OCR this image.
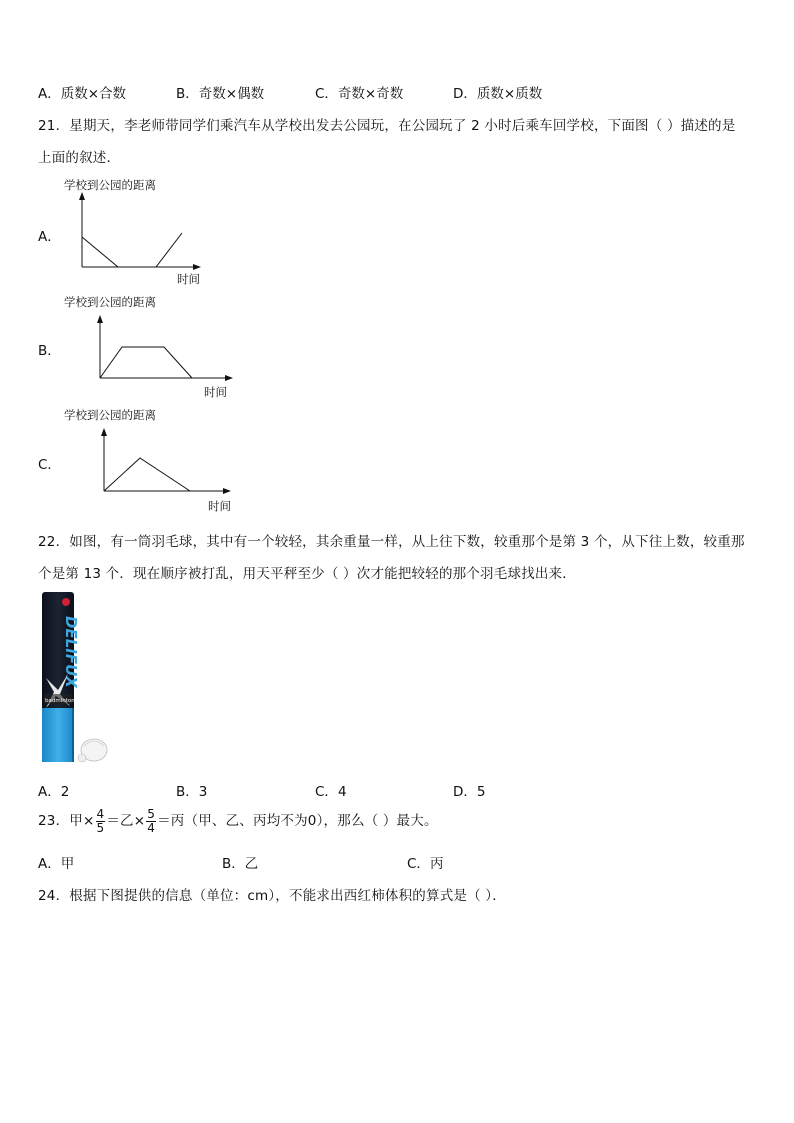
A．质数×合数	B．奇数×偶数	C．奇数×奇数	D．质数×质数
21．星期天，李老师带同学们乘汽车从学校出发去公园玩，在公园玩了 2 小时后乘车回学校，下面图（ ）描述的是
上面的叙述．
A．
学校到公园的距离
时间
B．
学校到公园的距离
时间
C．
学校到公园的距离
时间
22．如图，有一筒羽毛球，其中有一个较轻，其余重量一样，从上往下数，较重那个是第 3 个，从下往上数，较重那
个是第 13 个．现在顺序被打乱，用天平秤至少（ ）次才能把较轻的那个羽毛球找出来．
DELIFUX
badminton
A．2	B．3	C．4	D．5
23．甲× $\frac{4}{5}$ ＝乙× $\frac{5}{4}$ ＝丙（甲、乙、丙均不为0），那么（ ）最大。
A．甲	B．乙	C．丙
24．根据下图提供的信息（单位：cm），不能求出西红柿体积的算式是（ ）．
